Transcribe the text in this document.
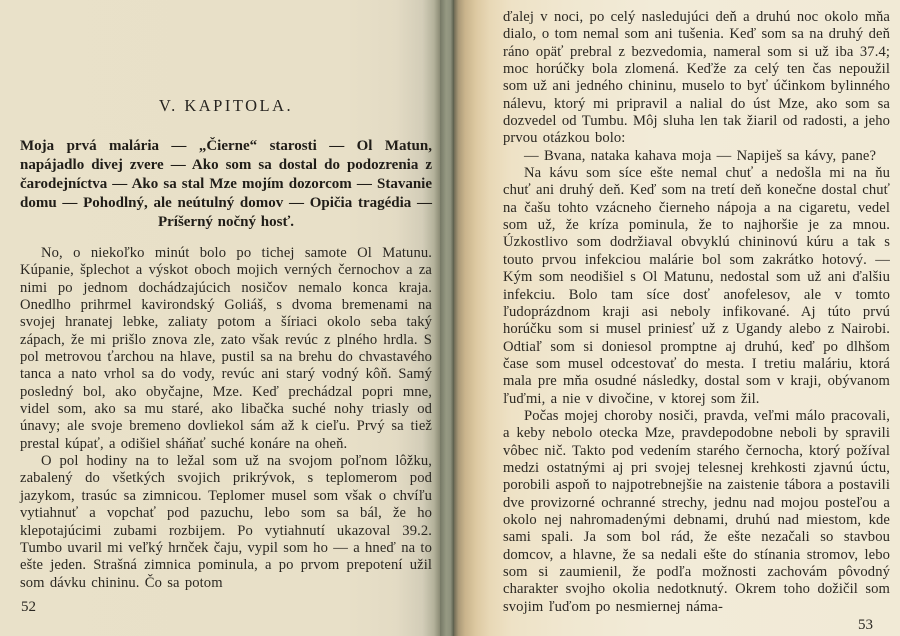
V. KAPITOLA.

Moja prvá malária — „Čierne“ starosti — Ol Matun, napájadlo divej zvere — Ako som sa dostal do podozrenia z čarodejníctva — Ako sa stal Mze mojím dozorcom — Stavanie domu — Pohodlný, ale neútulný domov — Opičia tragédia — Príšerný nočný hosť.

No, o niekoľko minút bolo po tichej samote Ol Matunu. Kúpanie, šplechot a výskot oboch mojich verných černochov a za nimi po jednom dochádzajúcich nosičov nemalo konca kraja. Onedlho prihrmel kavirondský Goliáš, s dvoma bremenami na svojej hranatej lebke, zaliaty potom a šíriaci okolo seba taký zápach, že mi prišlo znova zle, zato však revúc z plného hrdla. S pol metrovou ťarchou na hlave, pustil sa na brehu do chvastavého tanca a nato vrhol sa do vody, revúc ani starý vodný kôň. Samý posledný bol, ako obyčajne, Mze. Keď prechádzal popri mne, videl som, ako sa mu staré, ako libačka suché nohy triasly od únavy; ale svoje bremeno dovliekol sám až k cieľu. Prvý sa tiež prestal kúpať, a odišiel sháňať suché konáre na oheň.

O pol hodiny na to ležal som už na svojom poľnom lôžku, zabalený do všetkých svojich prikrývok, s teplomerom pod jazykom, trasúc sa zimnicou. Teplomer musel som však o chvíľu vytiahnuť a vopchať pod pazuchu, lebo som sa bál, že ho klepotajúcimi zubami rozbijem. Po vytiahnutí ukazoval 39.2. Tumbo uvaril mi veľký hrnček čaju, vypil som ho — a hneď na to ešte jeden. Strašná zimnica pominula, a po prvom prepotení užil som dávku chininu. Čo sa potom

ďalej v noci, po celý nasledujúci deň a druhú noc okolo mňa dialo, o tom nemal som ani tušenia. Keď som sa na druhý deň ráno opäť prebral z bezvedomia, nameral som si už iba 37.4; moc horúčky bola zlomená. Keďže za celý ten čas nepoužil som už ani jedného chininu, muselo to byť účinkom bylinného nálevu, ktorý mi pripravil a nalial do úst Mze, ako som sa dozvedel od Tumbu. Môj sluha len tak žiaril od radosti, a jeho prvou otázkou bolo:

— Bvana, nataka kahava moja — Napiješ sa kávy, pane?

Na kávu som síce ešte nemal chuť a nedošla mi na ňu chuť ani druhý deň. Keď som na tretí deň konečne dostal chuť na čašu tohto vzácneho čierneho nápoja a na cigaretu, vedel som už, že kríza pominula, že to najhoršie je za mnou. Úzkostlivo som dodržiaval obvyklú chininovú kúru a tak s touto prvou infekciou malárie bol som zakrátko hotový. — Kým som neodišiel s Ol Matunu, nedostal som už ani ďalšiu infekciu. Bolo tam síce dosť anofelesov, ale v tomto ľudoprázdnom kraji asi neboly infikované. Aj túto prvú horúčku som si musel priniesť už z Ugandy alebo z Nairobi. Odtiaľ som si doniesol promptne aj druhú, keď po dlhšom čase som musel odcestovať do mesta. I tretiu maláriu, ktorá mala pre mňa osudné následky, dostal som v kraji, obývanom ľuďmi, a nie v divočine, v ktorej som žil.

Počas mojej choroby nosiči, pravda, veľmi málo pracovali, a keby nebolo otecka Mze, pravdepodobne neboli by spravili vôbec nič. Takto pod vedením starého černocha, ktorý požíval medzi ostatnými aj pri svojej telesnej krehkosti zjavnú úctu, porobili aspoň to najpotrebnejšie na zaistenie tábora a postavili dve provizorné ochranné strechy, jednu nad mojou posteľou a okolo nej nahromadenými debnami, druhú nad miestom, kde sami spali. Ja som bol rád, že ešte nezačali so stavbou domcov, a hlavne, že sa nedali ešte do stínania stromov, lebo som si zaumienil, že podľa možnosti zachovám pôvodný charakter svojho okolia nedotknutý. Okrem toho dožičil som svojim ľuďom po nesmiernej náma-

52
53
